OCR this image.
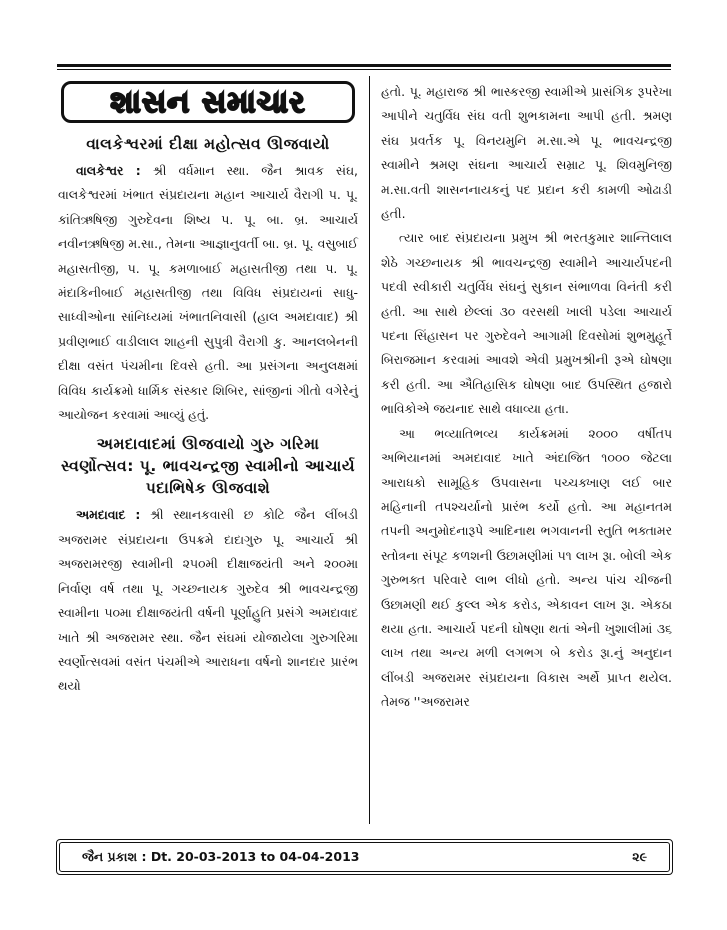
શાસન સમાચાર
વાલકેશ્વરમાં દીક્ષા મહોત્સવ ઊજવાયો

વાલકેશ્વર : શ્રી વર્ધમાન સ્થા. જૈન શ્રાવક સંઘ, વાલકેશ્વરમાં ખંભાત સંપ્રદાયના મહાન આચાર્ય વૈરાગી પ. પૂ. કાંતિઋષિજી ગુરુદેવના શિષ્ય પ. પૂ. બા. બ્ર. આચાર્ય નવીનઋષિજી મ.સા., તેમના આજ્ઞાનુવર્તી બા. બ્ર. પૂ. વસુબાઈ મહાસતીજી, પ. પૂ. કમળાબાઈ મહાસતીજી તથા પ. પૂ. મંદાકિનીબાઈ મહાસતીજી તથા વિવિધ સંપ્રદાયનાં સાધુ-સાધ્વીઓના સાંનિધ્યમાં ખંભાતનિવાસી (હાલ અમદાવાદ) શ્રી પ્રવીણભાઈ વાડીલાલ શાહની સુપુત્રી વૈરાગી કુ. આનલબેનની દીક્ષા વસંત પંચમીના દિવસે હતી. આ પ્રસંગના અનુલક્ષમાં વિવિધ કાર્યક્રમો ધાર્મિક સંસ્કાર શિબિર, સાંજીનાં ગીતો વગેરેનું આયોજન કરવામાં આવ્યું હતું.

અમદાવાદમાં ઊજવાયો ગુરુ ગરિમા સ્વર્ણોત્સવ: પૂ. ભાવચન્દ્રજી સ્વામીનો આચાર્ય પદાભિષેક ઊજવાશે

અમદાવાદ : શ્રી સ્થાનકવાસી છ કોટિ જૈન લીંબડી અજરામર સંપ્રદાયના ઉપક્રમે દાદાગુરુ પૂ. આચાર્ય શ્રી અજરામરજી સ્વામીની ૨૫૦મી દીક્ષાજયંતી અને ૨૦૦મા નિર્વાણ વર્ષ તથા પૂ. ગચ્છનાયક ગુરુદેવ શ્રી ભાવચન્દ્રજી સ્વામીના ૫૦મા દીક્ષાજયંતી વર્ષની પૂર્ણાહુતિ પ્રસંગે અમદાવાદ ખાતે શ્રી અજરામર સ્થા. જૈન સંઘમાં યોજાયેલા ગુરુગરિમા સ્વર્ણોત્સવમાં વસંત પંચમીએ આરાધના વર્ષનો શાનદાર પ્રારંભ થયો

હતો. પૂ. મહારાજ શ્રી ભાસ્કરજી સ્વામીએ પ્રાસંગિક રૂપરેખા આપીને ચતુર્વિધ સંઘ વતી શુભકામના આપી હતી. શ્રમણ સંઘ પ્રવર્તક પૂ. વિનયમુનિ મ.સા.એ પૂ. ભાવચન્દ્રજી સ્વામીને શ્રમણ સંઘના આચાર્ય સમ્રાટ પૂ. શિવમુનિજી મ.સા.વતી શાસનનાયકનું પદ પ્રદાન કરી કામળી ઓઢાડી હતી.

ત્યાર બાદ સંપ્રદાયના પ્રમુખ શ્રી ભરતકુમાર શાન્તિલાલ શેઠે ગચ્છનાયક શ્રી ભાવચન્દ્રજી સ્વામીને આચાર્યપદની પદવી સ્વીકારી ચતુર્વિધ સંઘનું સુકાન સંભાળવા વિનંતી કરી હતી. આ સાથે છેલ્લાં ૩૦ વરસથી ખાલી પડેલા આચાર્ય પદના સિંહાસન પર ગુરુદેવને આગામી દિવસોમાં શુભમુહૂર્તે બિરાજમાન કરવામાં આવશે એવી પ્રમુખશ્રીની રૂએ ઘોષણા કરી હતી. આ ઐતિહાસિક ઘોષણા બાદ ઉપસ્થિત હજારો ભાવિકોએ જયનાદ સાથે વધાવ્યા હતા.

આ ભવ્યાતિભવ્ય કાર્યક્રમમાં ૨૦૦૦ વર્ષીતપ અભિયાનમાં અમદાવાદ ખાતે અંદાજિત ૧૦૦૦ જેટલા આરાધકો સામૂહિક ઉપવાસના પચ્ચક્ખાણ લઈ બાર મહિનાની તપશ્ચર્યાનો પ્રારંભ કર્યો હતો. આ મહાનતમ તપની અનુમોદનારૂપે આદિનાથ ભગવાનની સ્તુતિ ભક્તામર સ્તોત્રના સંપૂટ કળશની ઉછામણીમાં ૫૧ લાખ રૂા. બોલી એક ગુરુભક્ત પરિવારે લાભ લીધો હતો. અન્ય પાંચ ચીજની ઉછામણી થઈ કુલ્લ એક કરોડ, એકાવન લાખ રૂા. એકઠા થયા હતા. આચાર્ય પદની ઘોષણા થતાં એની ખુશાલીમાં ૩૬ લાખ તથા અન્ય મળી લગભગ બે કરોડ રૂા.નું અનુદાન લીંબડી અજરામર સંપ્રદાયના વિકાસ અર્થે પ્રાપ્ત થયેલ. તેમજ ''અજરામર

જૈન પ્રકાશ : Dt. 20-03-2013 to 04-04-2013	૨૯
